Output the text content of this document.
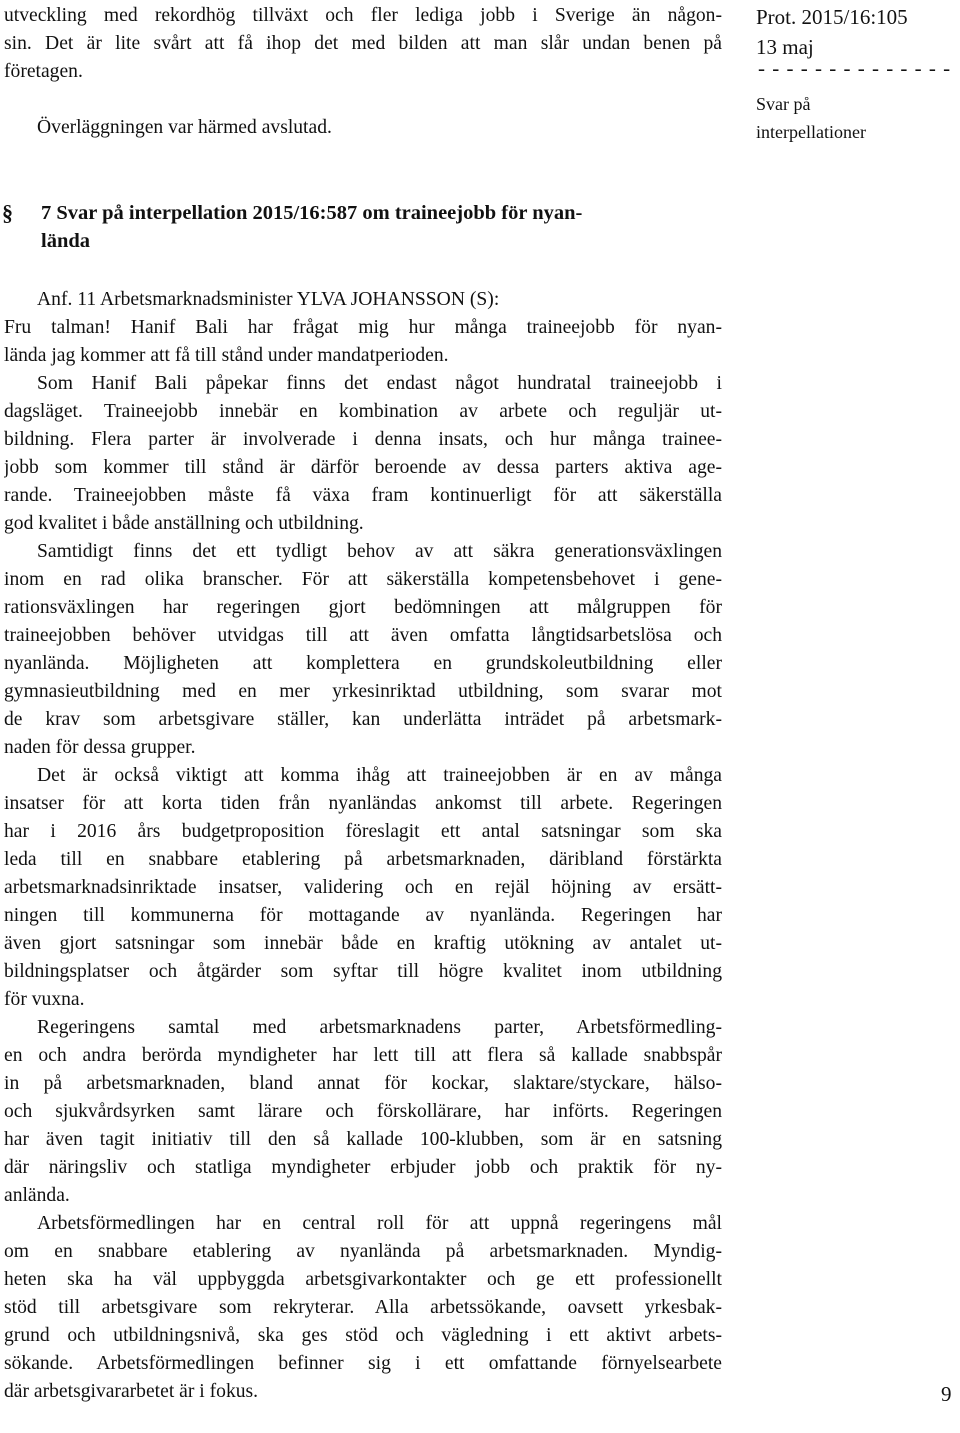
Prot. 2015/16:105
13 maj
- - - - - - - - - - - - - -
Svar på
interpellationer
utveckling med rekordhög tillväxt och fler lediga jobb i Sverige än någon-
sin. Det är lite svårt att få ihop det med bilden att man slår undan benen på
företagen.
Överläggningen var härmed avslutad.
§ 7 Svar på interpellation 2015/16:587 om traineejobb för nyan-
lända
Anf. 11 Arbetsmarknadsminister YLVA JOHANSSON (S):
Fru talman! Hanif Bali har frågat mig hur många traineejobb för nyan-
lända jag kommer att få till stånd under mandatperioden.
Som Hanif Bali påpekar finns det endast något hundratal traineejobb i
dagsläget. Traineejobb innebär en kombination av arbete och reguljär ut-
bildning. Flera parter är involverade i denna insats, och hur många trainee-
jobb som kommer till stånd är därför beroende av dessa parters aktiva age-
rande. Traineejobben måste få växa fram kontinuerligt för att säkerställa
god kvalitet i både anställning och utbildning.
Samtidigt finns det ett tydligt behov av att säkra generationsväxlingen
inom en rad olika branscher. För att säkerställa kompetensbehovet i gene-
rationsväxlingen har regeringen gjort bedömningen att målgruppen för
traineejobben behöver utvidgas till att även omfatta långtidsarbetslösa och
nyanlända. Möjligheten att komplettera en grundskoleutbildning eller
gymnasieutbildning med en mer yrkesinriktad utbildning, som svarar mot
de krav som arbetsgivare ställer, kan underlätta inträdet på arbetsmark-
naden för dessa grupper.
Det är också viktigt att komma ihåg att traineejobben är en av många
insatser för att korta tiden från nyanländas ankomst till arbete. Regeringen
har i 2016 års budgetproposition föreslagit ett antal satsningar som ska
leda till en snabbare etablering på arbetsmarknaden, däribland förstärkta
arbetsmarknadsinriktade insatser, validering och en rejäl höjning av ersätt-
ningen till kommunerna för mottagande av nyanlända. Regeringen har
även gjort satsningar som innebär både en kraftig utökning av antalet ut-
bildningsplatser och åtgärder som syftar till högre kvalitet inom utbildning
för vuxna.
Regeringens samtal med arbetsmarknadens parter, Arbetsförmedling-
en och andra berörda myndigheter har lett till att flera så kallade snabbspår
in på arbetsmarknaden, bland annat för kockar, slaktare/styckare, hälso-
och sjukvårdsyrken samt lärare och förskollärare, har införts. Regeringen
har även tagit initiativ till den så kallade 100-klubben, som är en satsning
där näringsliv och statliga myndigheter erbjuder jobb och praktik för ny-
anlända.
Arbetsförmedlingen har en central roll för att uppnå regeringens mål
om en snabbare etablering av nyanlända på arbetsmarknaden. Myndig-
heten ska ha väl uppbyggda arbetsgivarkontakter och ge ett professionellt
stöd till arbetsgivare som rekryterar. Alla arbetssökande, oavsett yrkesbak-
grund och utbildningsnivå, ska ges stöd och vägledning i ett aktivt arbets-
sökande. Arbetsförmedlingen befinner sig i ett omfattande förnyelsearbete
där arbetsgivararbetet är i fokus.	9
